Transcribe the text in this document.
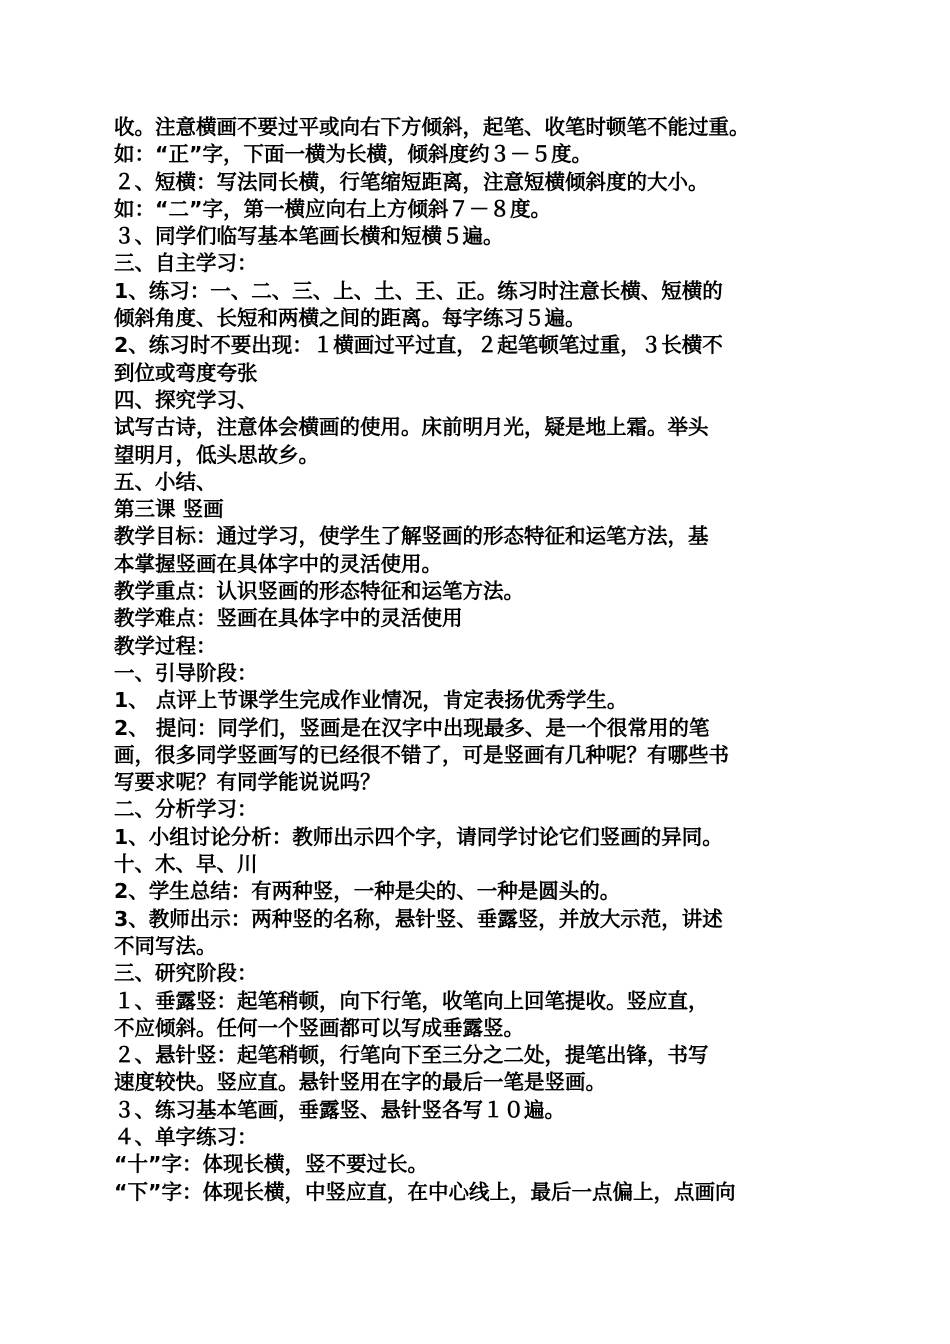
收。注意横画不要过平或向右下方倾斜，起笔、收笔时顿笔不能过重。
如：“正”字，下面一横为长横，倾斜度约３－５度。
２、短横：写法同长横，行笔缩短距离，注意短横倾斜度的大小。
如：“二”字，第一横应向右上方倾斜７－８度。
３、同学们临写基本笔画长横和短横５遍。
三、自主学习：
1、练习：一、二、三、上、土、王、正。练习时注意长横、短横的
倾斜角度、长短和两横之间的距离。每字练习５遍。
2、练习时不要出现：１横画过平过直，２起笔顿笔过重，３长横不
到位或弯度夸张
四、探究学习、
试写古诗，注意体会横画的使用。床前明月光，疑是地上霜。举头
望明月，低头思故乡。
五、小结、
第三课 竖画
教学目标：通过学习，使学生了解竖画的形态特征和运笔方法，基
本掌握竖画在具体字中的灵活使用。
教学重点：认识竖画的形态特征和运笔方法。
教学难点：竖画在具体字中的灵活使用
教学过程：
一、引导阶段：
1、 点评上节课学生完成作业情况，肯定表扬优秀学生。
2、 提问：同学们，竖画是在汉字中出现最多、是一个很常用的笔
画，很多同学竖画写的已经很不错了，可是竖画有几种呢？有哪些书
写要求呢？有同学能说说吗？
二、分析学习：
1、小组讨论分析：教师出示四个字，请同学讨论它们竖画的异同。
十、木、早、川
2、学生总结：有两种竖，一种是尖的、一种是圆头的。
3、教师出示：两种竖的名称，悬针竖、垂露竖，并放大示范，讲述
不同写法。
三、研究阶段：
１、垂露竖：起笔稍顿，向下行笔，收笔向上回笔提收。竖应直，
不应倾斜。任何一个竖画都可以写成垂露竖。
２、悬针竖：起笔稍顿，行笔向下至三分之二处，提笔出锋，书写
速度较快。竖应直。悬针竖用在字的最后一笔是竖画。
３、练习基本笔画，垂露竖、悬针竖各写１０遍。
４、单字练习：
“十”字：体现长横，竖不要过长。
“下”字：体现长横，中竖应直，在中心线上，最后一点偏上，点画向
